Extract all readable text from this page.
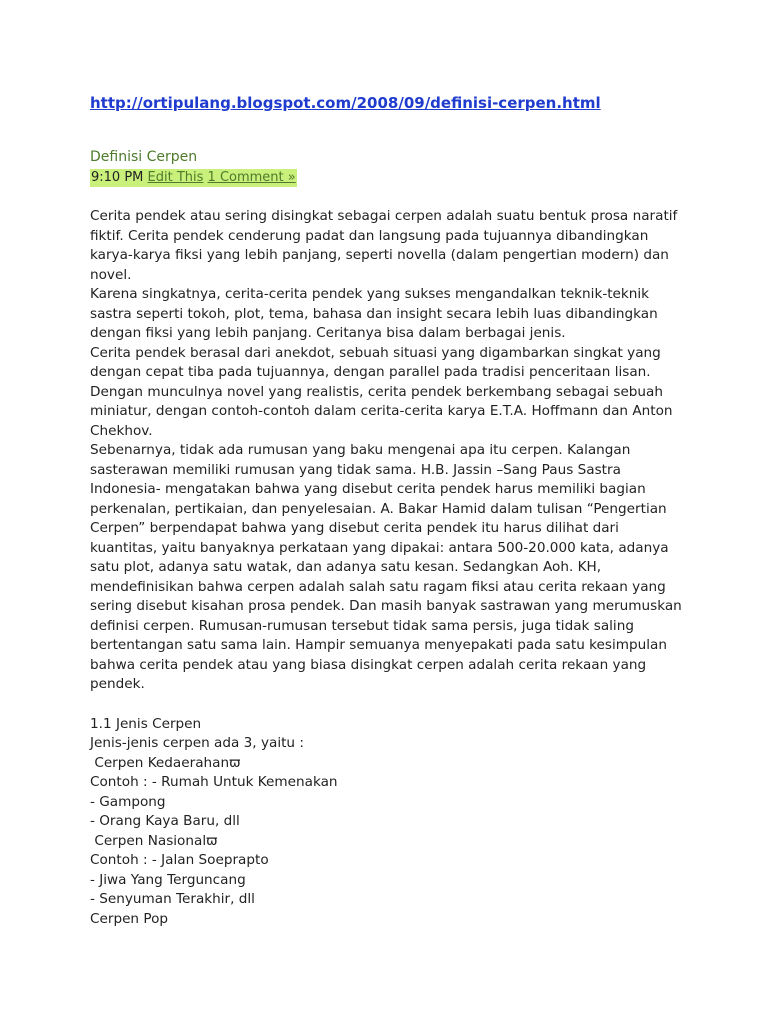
http://ortipulang.blogspot.com/2008/09/definisi-cerpen.html
Definisi Cerpen
9:10 PM Edit This 1 Comment »

Cerita pendek atau sering disingkat sebagai cerpen adalah suatu bentuk prosa naratif fiktif. Cerita pendek cenderung padat dan langsung pada tujuannya dibandingkan karya-karya fiksi yang lebih panjang, seperti novella (dalam pengertian modern) dan novel.

Karena singkatnya, cerita-cerita pendek yang sukses mengandalkan teknik-teknik sastra seperti tokoh, plot, tema, bahasa dan insight secara lebih luas dibandingkan dengan fiksi yang lebih panjang. Ceritanya bisa dalam berbagai jenis.

Cerita pendek berasal dari anekdot, sebuah situasi yang digambarkan singkat yang dengan cepat tiba pada tujuannya, dengan parallel pada tradisi penceritaan lisan. Dengan munculnya novel yang realistis, cerita pendek berkembang sebagai sebuah miniatur, dengan contoh-contoh dalam cerita-cerita karya E.T.A. Hoffmann dan Anton Chekhov.

Sebenarnya, tidak ada rumusan yang baku mengenai apa itu cerpen. Kalangan sasterawan memiliki rumusan yang tidak sama. H.B. Jassin –Sang Paus Sastra Indonesia- mengatakan bahwa yang disebut cerita pendek harus memiliki bagian perkenalan, pertikaian, dan penyelesaian. A. Bakar Hamid dalam tulisan “Pengertian Cerpen” berpendapat bahwa yang disebut cerita pendek itu harus dilihat dari kuantitas, yaitu banyaknya perkataan yang dipakai: antara 500-20.000 kata, adanya satu plot, adanya satu watak, dan adanya satu kesan. Sedangkan Aoh. KH, mendefinisikan bahwa cerpen adalah salah satu ragam fiksi atau cerita rekaan yang sering disebut kisahan prosa pendek. Dan masih banyak sastrawan yang merumuskan definisi cerpen. Rumusan-rumusan tersebut tidak sama persis, juga tidak saling bertentangan satu sama lain. Hampir semuanya menyepakati pada satu kesimpulan bahwa cerita pendek atau yang biasa disingkat cerpen adalah cerita rekaan yang pendek.

1.1 Jenis Cerpen
Jenis-jenis cerpen ada 3, yaitu :
Cerpen Kedaerahanϖ
Contoh : - Rumah Untuk Kemenakan
- Gampong
- Orang Kaya Baru, dll
Cerpen Nasionalϖ
Contoh : - Jalan Soeprapto
- Jiwa Yang Terguncang
- Senyuman Terakhir, dll
Cerpen Pop
